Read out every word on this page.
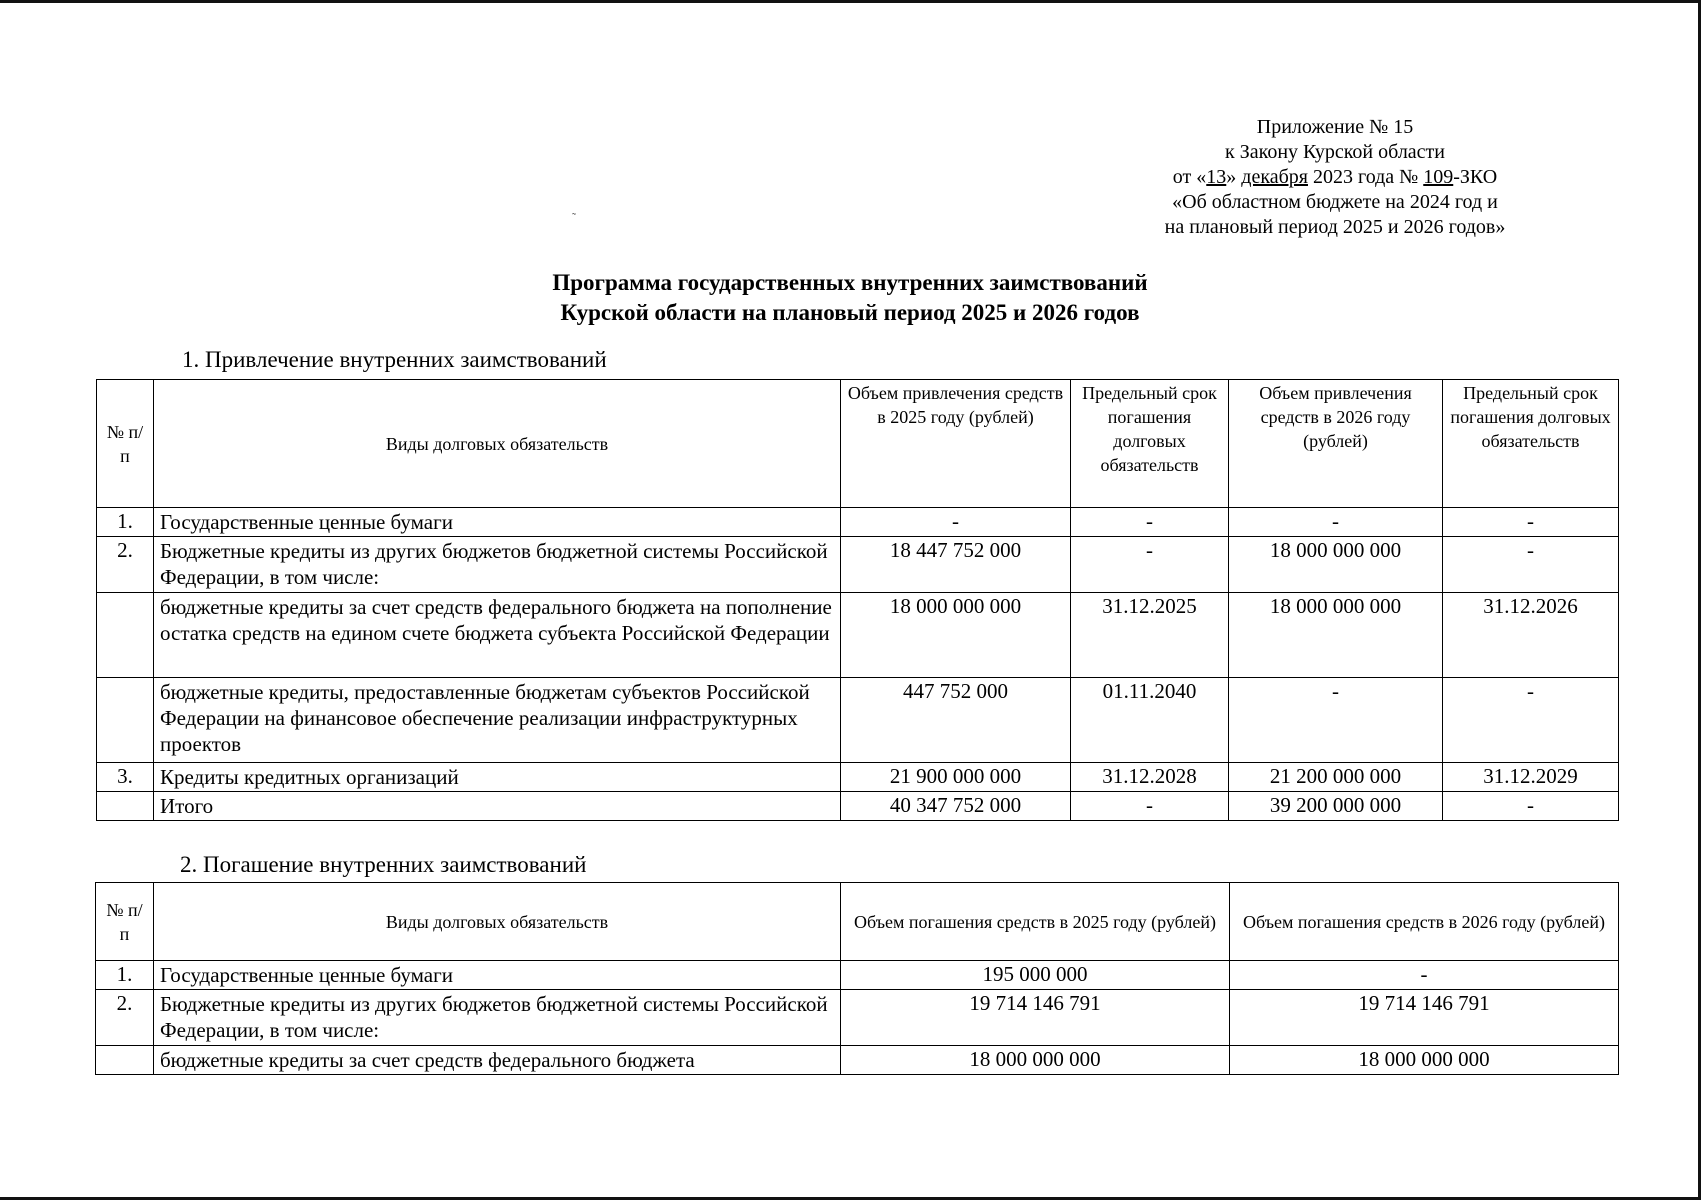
˜
Приложение № 15
к Закону Курской области
от «13» декабря 2023 года № 109-ЗКО
«Об областном бюджете на 2024 год и
на плановый период 2025 и 2026 годов»
Программа государственных внутренних заимствований
Курской области на плановый период 2025 и 2026 годов
1. Привлечение внутренних заимствований
№ п/п	Виды долговых обязательств	Объем привлечения средств в 2025 году (рублей)	Предельный срок погашения долговых обязательств	Объем привлечения средств в 2026 году (рублей)	Предельный срок погашения долговых обязательств
1.	Государственные ценные бумаги	-	-	-	-
2.	Бюджетные кредиты из других бюджетов бюджетной системы Российской Федерации, в том числе:	18 447 752 000	-	18 000 000 000	-
	бюджетные кредиты за счет средств федерального бюджета на пополнение остатка средств на едином счете бюджета субъекта Российской Федерации	18 000 000 000	31.12.2025	18 000 000 000	31.12.2026
	бюджетные кредиты, предоставленные бюджетам субъектов Российской Федерации на финансовое обеспечение реализации инфраструктурных проектов	447 752 000	01.11.2040	-	-
3.	Кредиты кредитных организаций	21 900 000 000	31.12.2028	21 200 000 000	31.12.2029
	Итого	40 347 752 000	-	39 200 000 000	-
2. Погашение внутренних заимствований
№ п/п	Виды долговых обязательств	Объем погашения средств в 2025 году (рублей)	Объем погашения средств в 2026 году (рублей)
1.	Государственные ценные бумаги	195 000 000	-
2.	Бюджетные кредиты из других бюджетов бюджетной системы Российской Федерации, в том числе:	19 714 146 791	19 714 146 791
	бюджетные кредиты за счет средств федерального бюджета	18 000 000 000	18 000 000 000
